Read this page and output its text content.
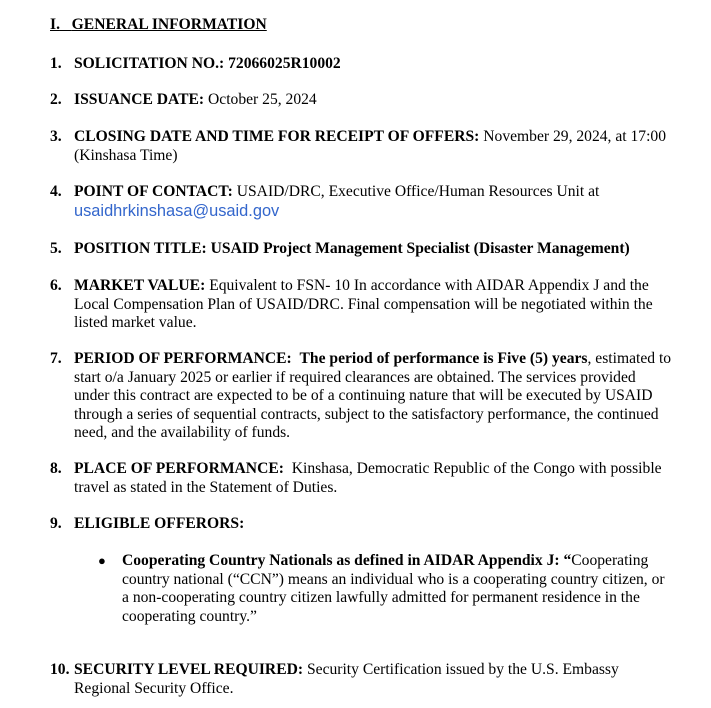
I. GENERAL INFORMATION
1. SOLICITATION NO.: 72066025R10002
2. ISSUANCE DATE: October 25, 2024
3. CLOSING DATE AND TIME FOR RECEIPT OF OFFERS: November 29, 2024, at 17:00 (Kinshasa Time)
4. POINT OF CONTACT: USAID/DRC, Executive Office/Human Resources Unit at
usaidhrkinshasa@usaid.gov
5. POSITION TITLE: USAID Project Management Specialist (Disaster Management)
6. MARKET VALUE: Equivalent to FSN- 10 In accordance with AIDAR Appendix J and the Local Compensation Plan of USAID/DRC. Final compensation will be negotiated within the listed market value.
7. PERIOD OF PERFORMANCE: The period of performance is Five (5) years, estimated to start o/a January 2025 or earlier if required clearances are obtained. The services provided under this contract are expected to be of a continuing nature that will be executed by USAID through a series of sequential contracts, subject to the satisfactory performance, the continued need, and the availability of funds.
8. PLACE OF PERFORMANCE: Kinshasa, Democratic Republic of the Congo with possible travel as stated in the Statement of Duties.
9. ELIGIBLE OFFERORS:
● Cooperating Country Nationals as defined in AIDAR Appendix J: “Cooperating country national (“CCN”) means an individual who is a cooperating country citizen, or a non-cooperating country citizen lawfully admitted for permanent residence in the cooperating country.”
10. SECURITY LEVEL REQUIRED: Security Certification issued by the U.S. Embassy Regional Security Office.
